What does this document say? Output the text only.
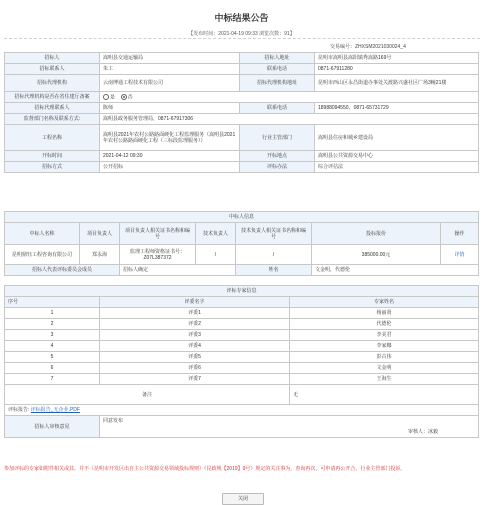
中标结果公告
【发布时间：2021-04-19 09:33 浏览次数：91】
交易编号：ZHXSM2021030024_4
招标人	嵩明县交通运输局	招标人地址	昆明市嵩明县嵩阳镇秀嵩路169号
招标联系人	朱工	联系电话	0871-67911280
招标代理机构	云南博通工程技术有限公司	招标代理机构地址	昆明市西山区永昌街道办事处关渡路兴盛社区广场3幢21楼
招标代理机构是否在省住建厅备案	是 否		
招标代理联系人	陈师	联系电话	18988094550、0871-65731729
监督部门名称及联系方式:	嵩明县政务服务管理局，0871-67917306		
工程名称	嵩明县2021年农村公路路面硬化工程监理服务（嵩明县2021年农村公路路面硬化工程（三标段监理服务））	行业主管部门	嵩明县住房和城乡建设局
开标时间	2021-04-12 09:30	开标地点	嵩明县公共资源交易中心
招标方式	公开招标	评标办法	综合评估法
中标人信息						
中标人名称	项目负责人	项目负责人相关证书名称和编号	技术负责人	技术负责人相关证书名称和编号	投标报价	操作
昆明鼎钰工程咨询有限公司	郑永海	监理工程师资格证书号：Z07L387372	/	/	385000.00元	详情
招标人代表评标委员会成员		招标人确定		姓名	文金明，代德伦	
评标专家信息		
序号	评委名字	专家姓名
1	评委1	杨丽贤
2	评委2	代德伦
3	评委3	李美君
4	评委4	李家娜
5	评委5	彭古伟
6	评委6	文金明
7	评委7	王海生
备注		无
评标报告: 评标报告_无企业.PDF		
招标人审核意见	同意发布
审核人：冰毅	
参加评标的专家如附件相关或其、并不（昆明市开发区出自主公共资源交易领域投标规则）《昆政规【2019】9号》规定的关注事为，查询再次，可申请再公开合，行业主管部门投诉。
关闭
